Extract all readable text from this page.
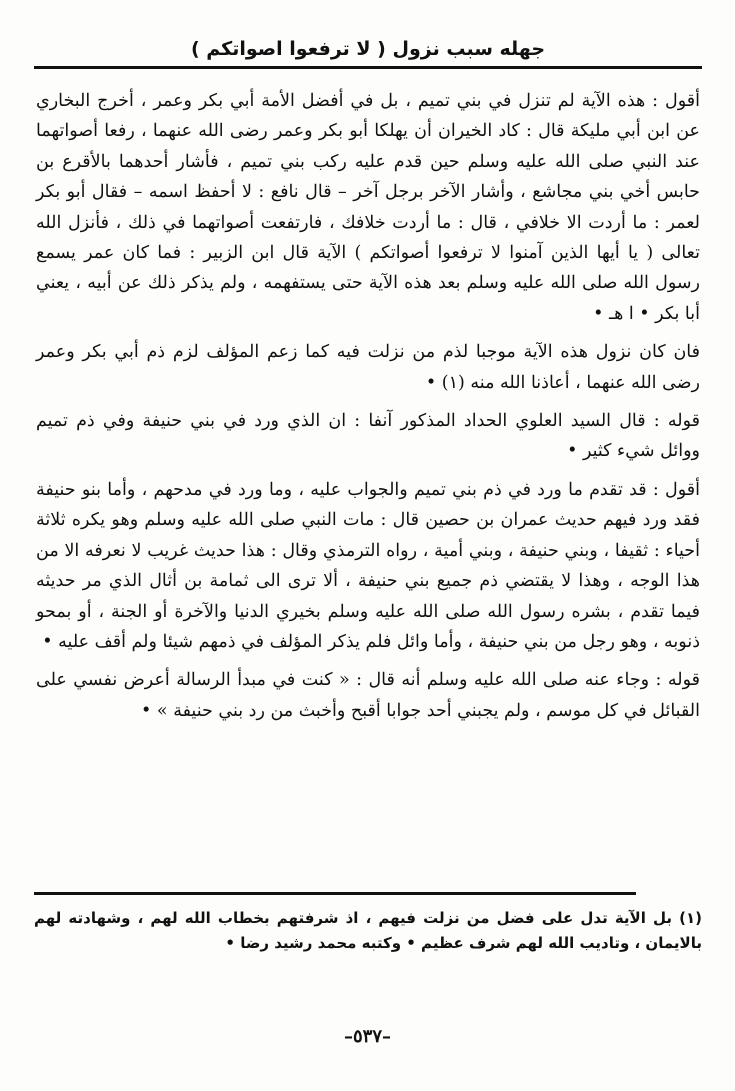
جهله سبب نزول ( لا ترفعوا اصواتكم )

أقول : هذه الآية لم تنزل في بني تميم ، بل في أفضل الأمة أبي بكر وعمر ، أخرج البخاري عن ابن أبي مليكة قال : كاد الخيران أن يهلكا أبو بكر وعمر رضى الله عنهما ، رفعا أصواتهما عند النبي صلى الله عليه وسلم حين قدم عليه ركب بني تميم ، فأشار أحدهما بالأقرع بن حابس أخي بني مجاشع ، وأشار الآخر برجل آخر – قال نافع : لا أحفظ اسمه – فقال أبو بكر لعمر : ما أردت الا خلافي ، قال : ما أردت خلافك ، فارتفعت أصواتهما في ذلك ، فأنزل الله تعالى ( يا أيها الذين آمنوا لا ترفعوا أصواتكم ) الآية قال ابن الزبير : فما كان عمر يسمع رسول الله صلى الله عليه وسلم بعد هذه الآية حتى يستفهمه ، ولم يذكر ذلك عن أبيه ، يعني أبا بكر • ا هـ •

فان كان نزول هذه الآية موجبا لذم من نزلت فيه كما زعم المؤلف لزم ذم أبي بكر وعمر رضى الله عنهما ، أعاذنا الله منه (١) •

قوله : قال السيد العلوي الحداد المذكور آنفا : ان الذي ورد في بني حنيفة وفي ذم تميم ووائل شيء كثير •

أقول : قد تقدم ما ورد في ذم بني تميم والجواب عليه ، وما ورد في مدحهم ، وأما بنو حنيفة فقد ورد فيهم حديث عمران بن حصين قال : مات النبي صلى الله عليه وسلم وهو يكره ثلاثة أحياء : ثقيفا ، وبني حنيفة ، وبني أمية ، رواه الترمذي وقال : هذا حديث غريب لا نعرفه الا من هذا الوجه ، وهذا لا يقتضي ذم جميع بني حنيفة ، ألا ترى الى ثمامة بن أثال الذي مر حديثه فيما تقدم ، بشره رسول الله صلى الله عليه وسلم بخيري الدنيا والآخرة أو الجنة ، أو بمحو ذنوبه ، وهو رجل من بني حنيفة ، وأما وائل فلم يذكر المؤلف في ذمهم شيئا ولم أقف عليه •

قوله : وجاء عنه صلى الله عليه وسلم أنه قال : « كنت في مبدأ الرسالة أعرض نفسي على القبائل في كل موسم ، ولم يجبني أحد جوابا أقبح وأخبث من رد بني حنيفة » •

(١) بل الآية تدل على فضل من نزلت فيهم ، اذ شرفتهم بخطاب الله لهم ، وشهادته لهم بالايمان ، وتاديب الله لهم شرف عظيم • وكتبه محمد رشيد رضا •

–٥٣٧–
